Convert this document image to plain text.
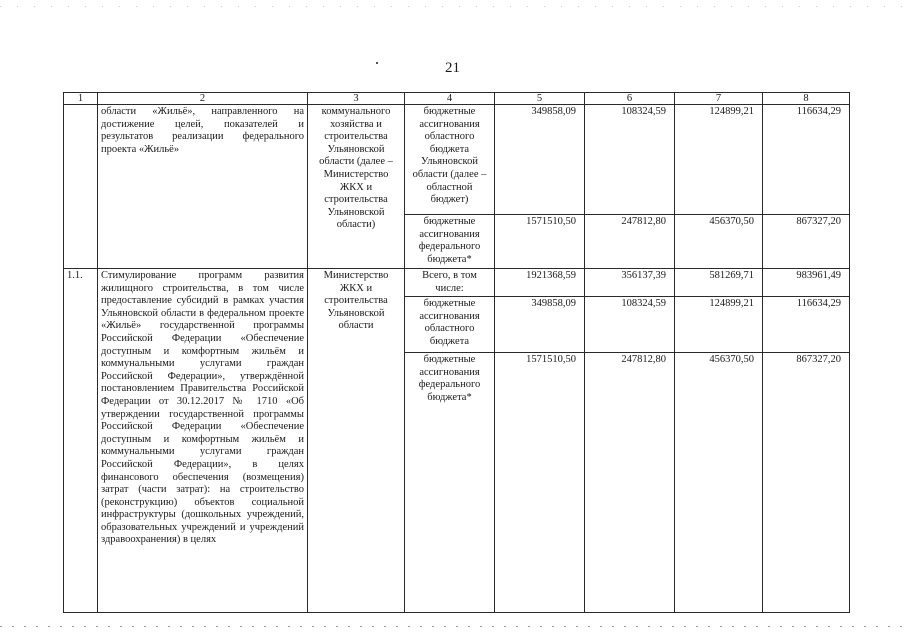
21
1	2	3	4	5	6	7	8
	области «Жильё», направленного на достижение целей, показателей и результатов реализации федерального проекта «Жильё»	коммунального хозяйства и строительства Ульяновской области (далее – Министерство ЖКХ и строительства Ульяновской области)	бюджетные ассигнования областного бюджета Ульяновской области (далее – областной бюджет)	349858,09	108324,59	124899,21	116634,29
			бюджетные ассигнования федерального бюджета*	1571510,50	247812,80	456370,50	867327,20
1.1.	Стимулирование программ развития жилищного строительства, в том числе предоставление субсидий в рамках участия Ульяновской области в федеральном проекте «Жильё» государственной программы Российской Федерации «Обеспечение доступным и комфортным жильём и коммунальными услугами граждан Российской Федерации», утверждённой постановлением Правительства Российской Федерации от 30.12.2017 № 1710 «Об утверждении государственной программы Российской Федерации «Обеспечение доступным и комфортным жильём и коммунальными услугами граждан Российской Федерации», в целях финансового обеспечения (возмещения) затрат (части затрат): на строительство (реконструкцию) объектов социальной инфраструктуры (дошкольных учреждений, образовательных учреждений и учреждений здравоохранения) в целях	Министерство ЖКХ и строительства Ульяновской области	Всего, в том числе:	1921368,59	356137,39	581269,71	983961,49
			бюджетные ассигнования областного бюджета	349858,09	108324,59	124899,21	116634,29
			бюджетные ассигнования федерального бюджета*	1571510,50	247812,80	456370,50	867327,20
